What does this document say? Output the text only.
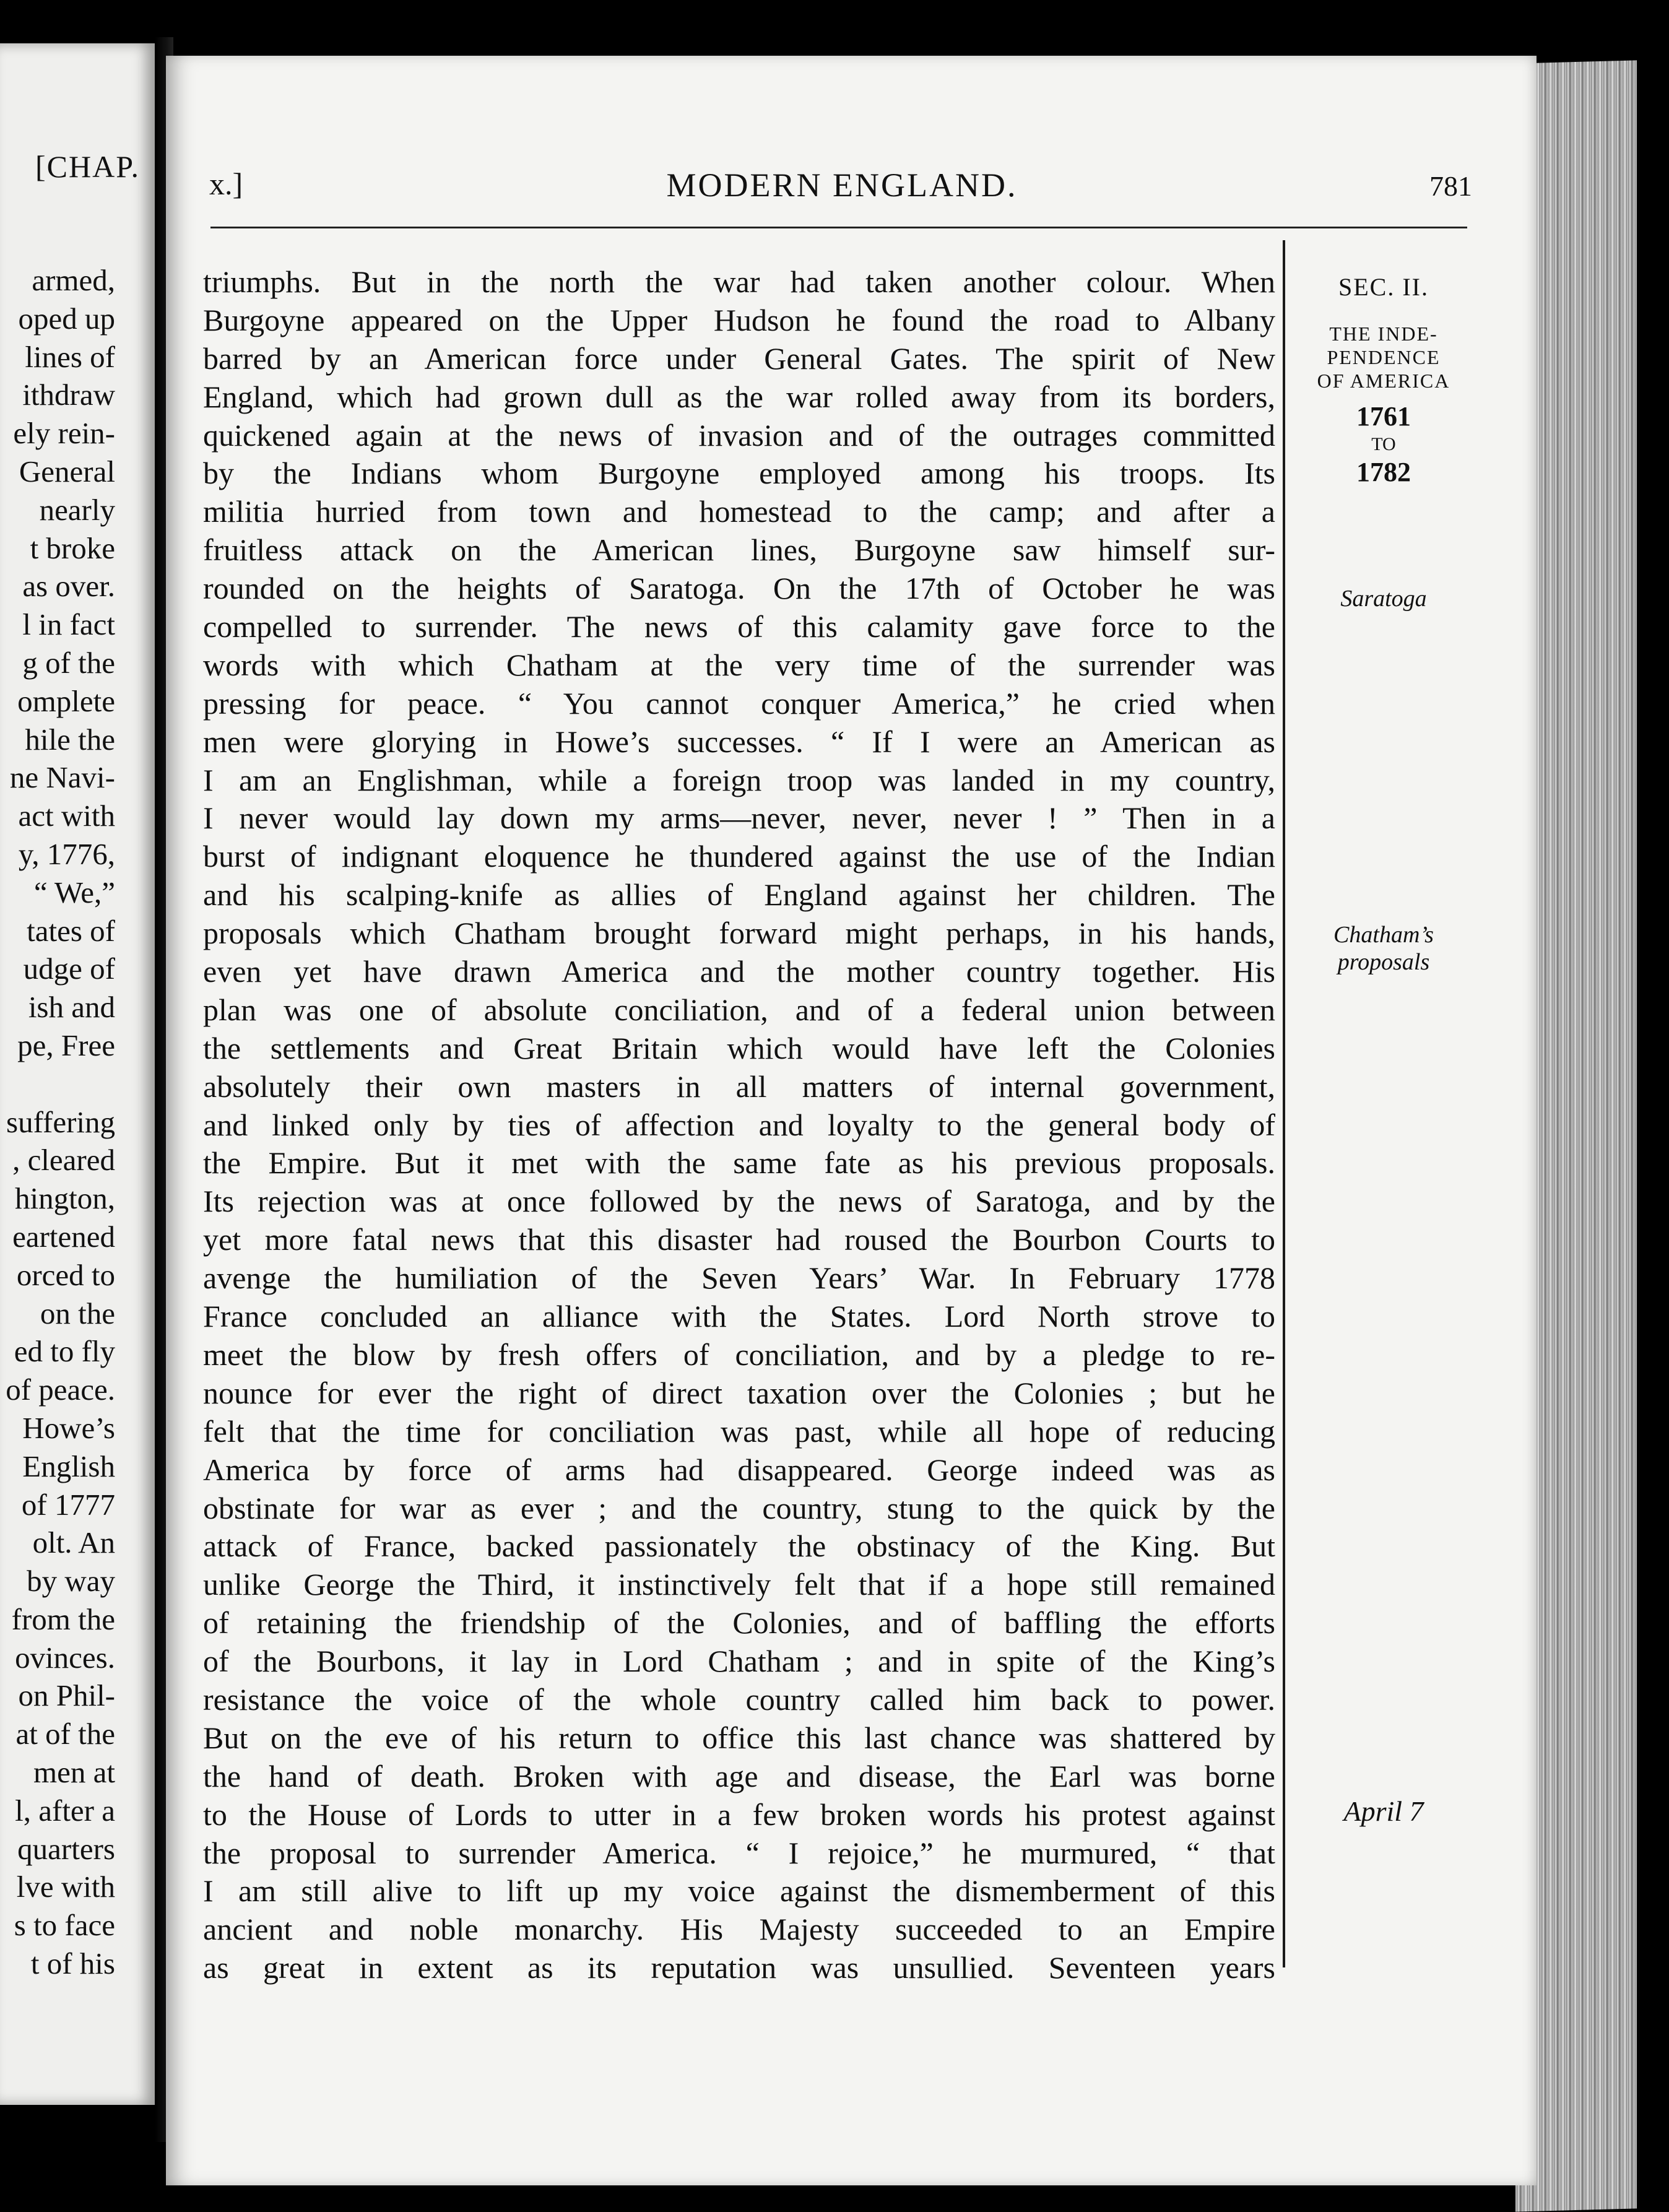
[CHAP.
armed,
oped up
lines of
ithdraw
ely rein-
General
nearly
t broke
as over.
l in fact
g of the
omplete
hile the
ne Navi-
act with
y, 1776,
“ We,”
tates of
udge of
ish and
pe, Free
suffering
, cleared
hington,
eartened
orced to
on the
ed to fly
of peace.
Howe’s
English
of 1777
olt. An
by way
from the
ovinces.
on Phil-
at of the
men at
l, after a
quarters
lve with
s to face
t of his
x.]	MODERN ENGLAND.	781
triumphs. But in the north the war had taken another colour. When
Burgoyne appeared on the Upper Hudson he found the road to Albany
barred by an American force under General Gates. The spirit of New
England, which had grown dull as the war rolled away from its borders,
quickened again at the news of invasion and of the outrages committed
by the Indians whom Burgoyne employed among his troops. Its
militia hurried from town and homestead to the camp; and after a
fruitless attack on the American lines, Burgoyne saw himself sur-
rounded on the heights of Saratoga. On the 17th of October he was
compelled to surrender. The news of this calamity gave force to the
words with which Chatham at the very time of the surrender was
pressing for peace. “ You cannot conquer America,” he cried when
men were glorying in Howe’s successes. “ If I were an American as
I am an Englishman, while a foreign troop was landed in my country,
I never would lay down my arms—never, never, never ! ” Then in a
burst of indignant eloquence he thundered against the use of the Indian
and his scalping-knife as allies of England against her children. The
proposals which Chatham brought forward might perhaps, in his hands,
even yet have drawn America and the mother country together. His
plan was one of absolute conciliation, and of a federal union between
the settlements and Great Britain which would have left the Colonies
absolutely their own masters in all matters of internal government,
and linked only by ties of affection and loyalty to the general body of
the Empire. But it met with the same fate as his previous proposals.
Its rejection was at once followed by the news of Saratoga, and by the
yet more fatal news that this disaster had roused the Bourbon Courts to
avenge the humiliation of the Seven Years’ War. In February 1778
France concluded an alliance with the States. Lord North strove to
meet the blow by fresh offers of conciliation, and by a pledge to re-
nounce for ever the right of direct taxation over the Colonies ; but he
felt that the time for conciliation was past, while all hope of reducing
America by force of arms had disappeared. George indeed was as
obstinate for war as ever ; and the country, stung to the quick by the
attack of France, backed passionately the obstinacy of the King. But
unlike George the Third, it instinctively felt that if a hope still remained
of retaining the friendship of the Colonies, and of baffling the efforts
of the Bourbons, it lay in Lord Chatham ; and in spite of the King’s
resistance the voice of the whole country called him back to power.
But on the eve of his return to office this last chance was shattered by
the hand of death. Broken with age and disease, the Earl was borne
to the House of Lords to utter in a few broken words his protest against
the proposal to surrender America. “ I rejoice,” he murmured, “ that
I am still alive to lift up my voice against the dismemberment of this
ancient and noble monarchy. His Majesty succeeded to an Empire
as great in extent as its reputation was unsullied. Seventeen years
SEC. II.
THE INDE-
PENDENCE
OF AMERICA
1761
TO
1782
Saratoga
Chatham’s
proposals
April 7
